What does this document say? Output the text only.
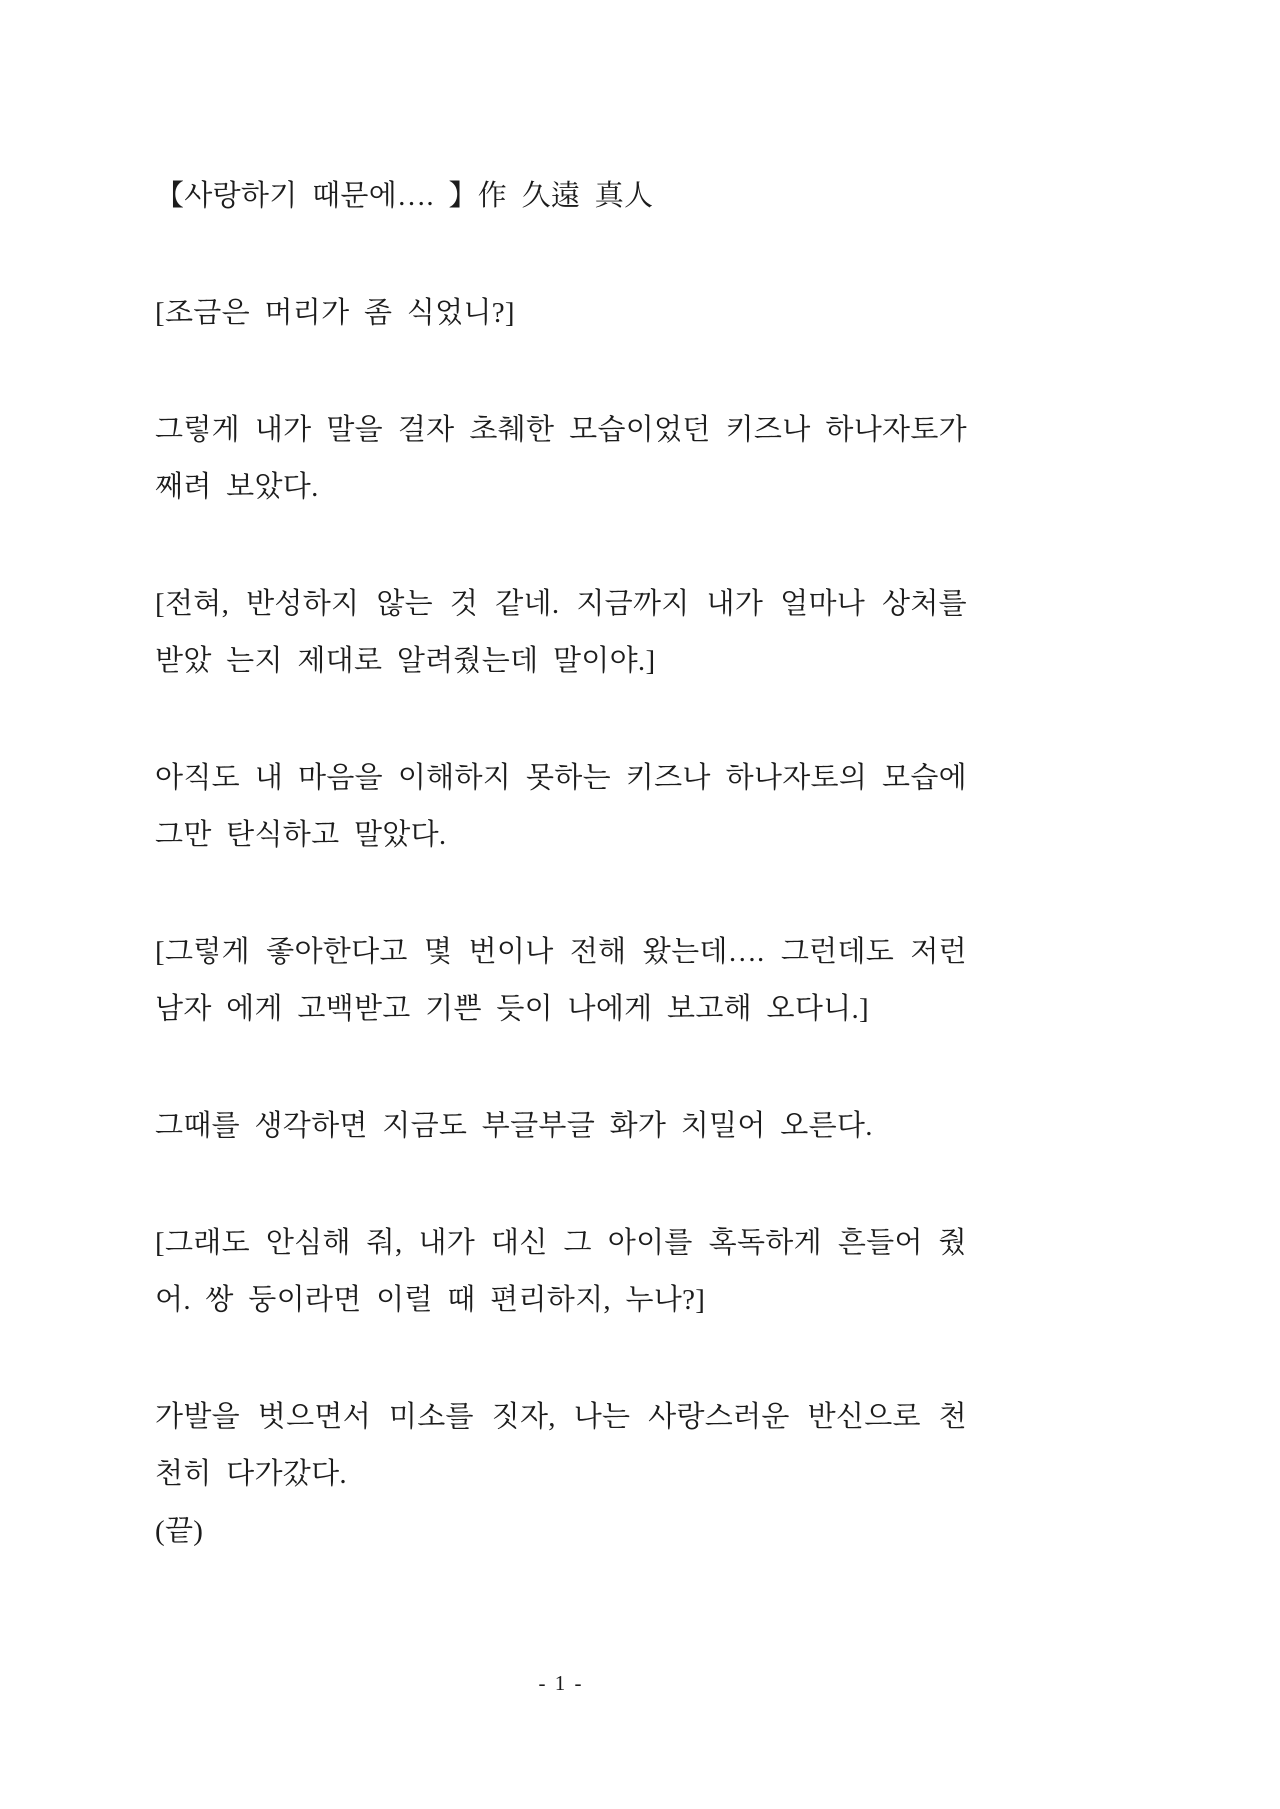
【사랑하기 때문에…. 】作 久遠 真人

[조금은 머리가 좀 식었니?]

그렇게 내가 말을 걸자 초췌한 모습이었던 키즈나 하나자토가 째려 보았다.

[전혀, 반성하지 않는 것 같네. 지금까지 내가 얼마나 상처를 받았 는지 제대로 알려줬는데 말이야.]

아직도 내 마음을 이해하지 못하는 키즈나 하나자토의 모습에 그만 탄식하고 말았다.

[그렇게 좋아한다고 몇 번이나 전해 왔는데…. 그런데도 저런 남자 에게 고백받고 기쁜 듯이 나에게 보고해 오다니.]

그때를 생각하면 지금도 부글부글 화가 치밀어 오른다.

[그래도 안심해 줘, 내가 대신 그 아이를 혹독하게 흔들어 줬어. 쌍 둥이라면 이럴 때 편리하지, 누나?]

가발을 벗으면서 미소를 짓자, 나는 사랑스러운 반신으로 천천히 다가갔다.

(끝)

- 1 -
